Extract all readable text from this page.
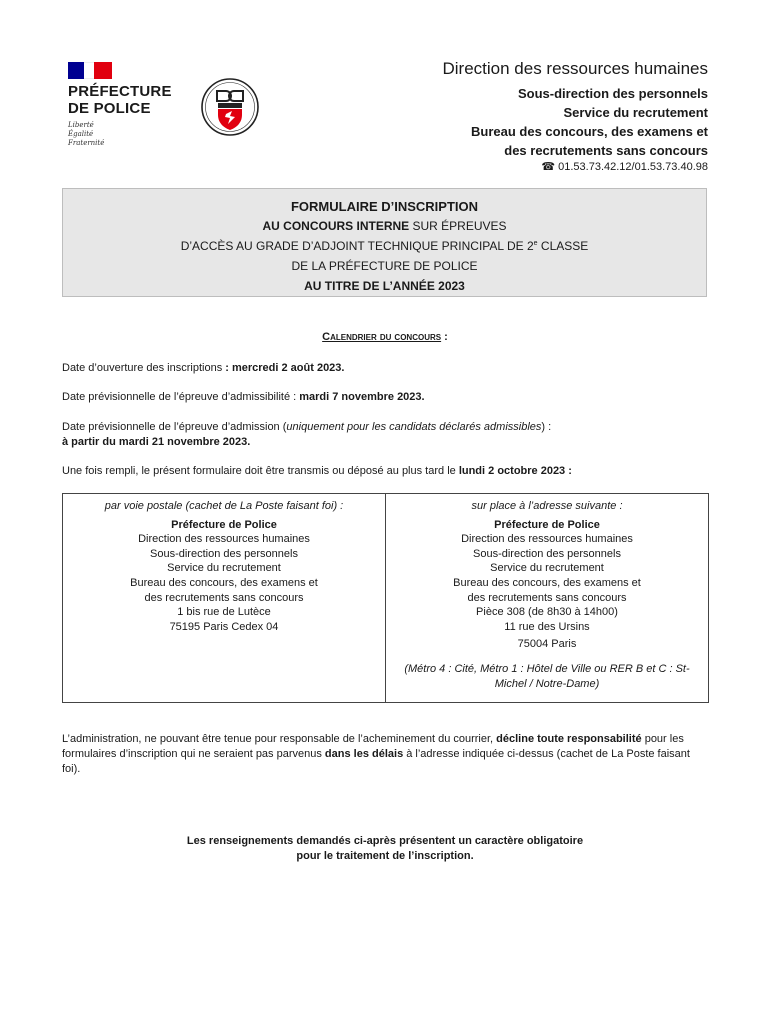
PRÉFECTURE
DE POLICE
Liberté
Égalité
Fraternité
Direction des ressources humaines
Sous-direction des personnels
Service du recrutement
Bureau des concours, des examens et
des recrutements sans concours
☎ 01.53.73.42.12/01.53.73.40.98
FORMULAIRE D’INSCRIPTION
AU CONCOURS INTERNE SUR ÉPREUVES
D’ACCÈS AU GRADE D’ADJOINT TECHNIQUE PRINCIPAL DE 2e CLASSE
DE LA PRÉFECTURE DE POLICE
AU TITRE DE L’ANNÉE 2023
Calendrier du concours :
Date d’ouverture des inscriptions : mercredi 2 août 2023.
Date prévisionnelle de l’épreuve d’admissibilité : mardi 7 novembre 2023.
Date prévisionnelle de l’épreuve d’admission (uniquement pour les candidats déclarés admissibles) :
à partir du mardi 21 novembre 2023.
Une fois rempli, le présent formulaire doit être transmis ou déposé au plus tard le lundi 2 octobre 2023 :
par voie postale (cachet de La Poste faisant foi) :
Préfecture de Police
Direction des ressources humaines
Sous-direction des personnels
Service du recrutement
Bureau des concours, des examens et
des recrutements sans concours
1 bis rue de Lutèce
75195 Paris Cedex 04
sur place à l’adresse suivante :
Préfecture de Police
Direction des ressources humaines
Sous-direction des personnels
Service du recrutement
Bureau des concours, des examens et
des recrutements sans concours
Pièce 308 (de 8h30 à 14h00)
11 rue des Ursins
75004 Paris
(Métro 4 : Cité, Métro 1 : Hôtel de Ville ou RER B et C : St-Michel / Notre-Dame)
L’administration, ne pouvant être tenue pour responsable de l’acheminement du courrier, décline toute responsabilité pour les formulaires d’inscription qui ne seraient pas parvenus dans les délais à l’adresse indiquée ci-dessus (cachet de La Poste faisant foi).
Les renseignements demandés ci-après présentent un caractère obligatoire
pour le traitement de l’inscription.
